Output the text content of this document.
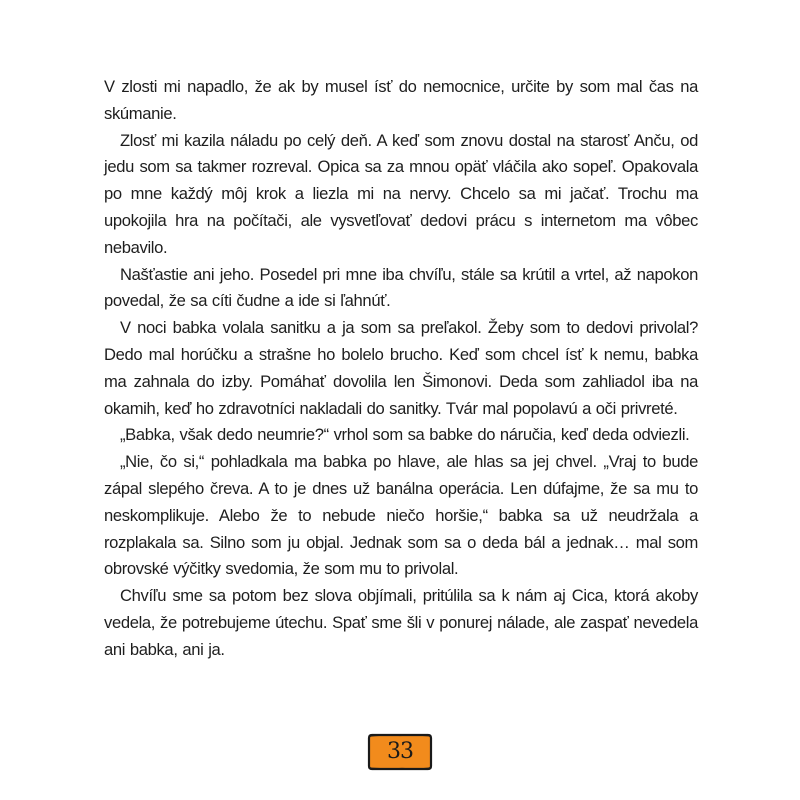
V zlosti mi napadlo, že ak by musel ísť do nemocnice, určite by som mal čas na skúmanie.

Zlosť mi kazila náladu po celý deň. A keď som znovu dostal na starosť Anču, od jedu som sa takmer rozreval. Opica sa za mnou opäť vláčila ako sopeľ. Opakovala po mne každý môj krok a liezla mi na nervy. Chcelo sa mi jačať. Trochu ma upokojila hra na počítači, ale vysvetľovať dedovi prácu s internetom ma vôbec nebavilo.

Našťastie ani jeho. Posedel pri mne iba chvíľu, stále sa krútil a vrtel, až napokon povedal, že sa cíti čudne a ide si ľahnúť.

V noci babka volala sanitku a ja som sa preľakol. Žeby som to dedovi privolal? Dedo mal horúčku a strašne ho bolelo brucho. Keď som chcel ísť k nemu, babka ma zahnala do izby. Pomáhať dovolila len Šimonovi. Deda som zahliadol iba na okamih, keď ho zdravotníci nakladali do sanitky. Tvár mal popolavú a oči privreté.

„Babka, však dedo neumrie?“ vrhol som sa babke do náručia, keď deda odviezli.

„Nie, čo si,“ pohladkala ma babka po hlave, ale hlas sa jej chvel. „Vraj to bude zápal slepého čreva. A to je dnes už banálna operácia. Len dúfajme, že sa mu to neskomplikuje. Alebo že to nebude niečo horšie,“ babka sa už neudržala a rozplakala sa. Silno som ju objal. Jednak som sa o deda bál a jednak… mal som obrovské výčitky svedomia, že som mu to privolal.

Chvíľu sme sa potom bez slova objímali, pritúlila sa k nám aj Cica, ktorá akoby vedela, že potrebujeme útechu. Spať sme šli v ponurej nálade, ale zaspať nevedela ani babka, ani ja.

33
